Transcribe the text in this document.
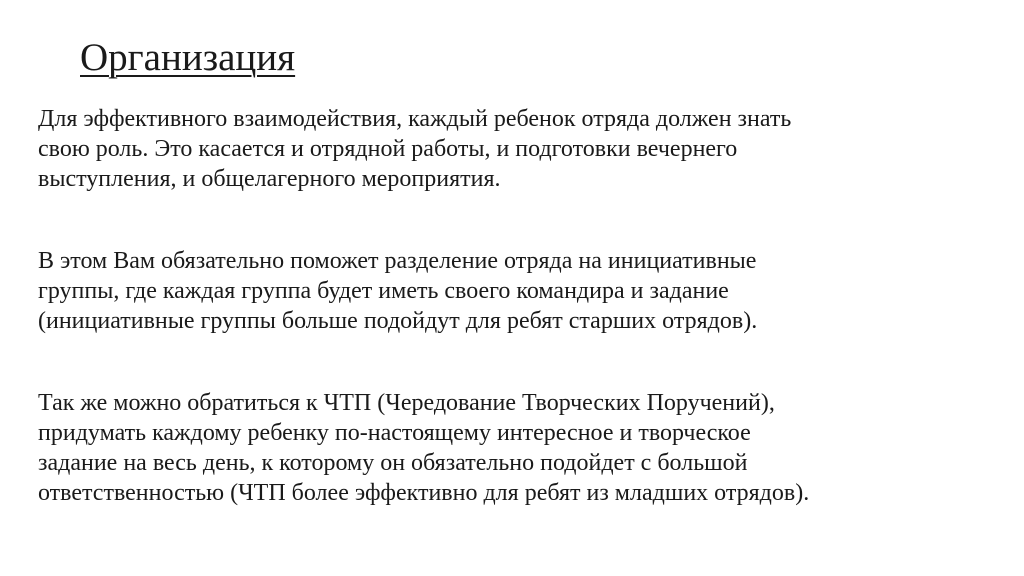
Организация

Для эффективного взаимодействия, каждый ребенок отряда должен знать
свою роль. Это касается и отрядной работы, и подготовки вечернего
выступления, и общелагерного мероприятия.

В этом Вам обязательно поможет разделение отряда на инициативные
группы, где каждая группа будет иметь своего командира и задание
(инициативные группы больше подойдут для ребят старших отрядов).

Так же можно обратиться к ЧТП (Чередование Творческих Поручений),
придумать каждому ребенку по-настоящему интересное и творческое
задание на весь день, к которому он обязательно подойдет с большой
ответственностью (ЧТП более эффективно для ребят из младших отрядов).
